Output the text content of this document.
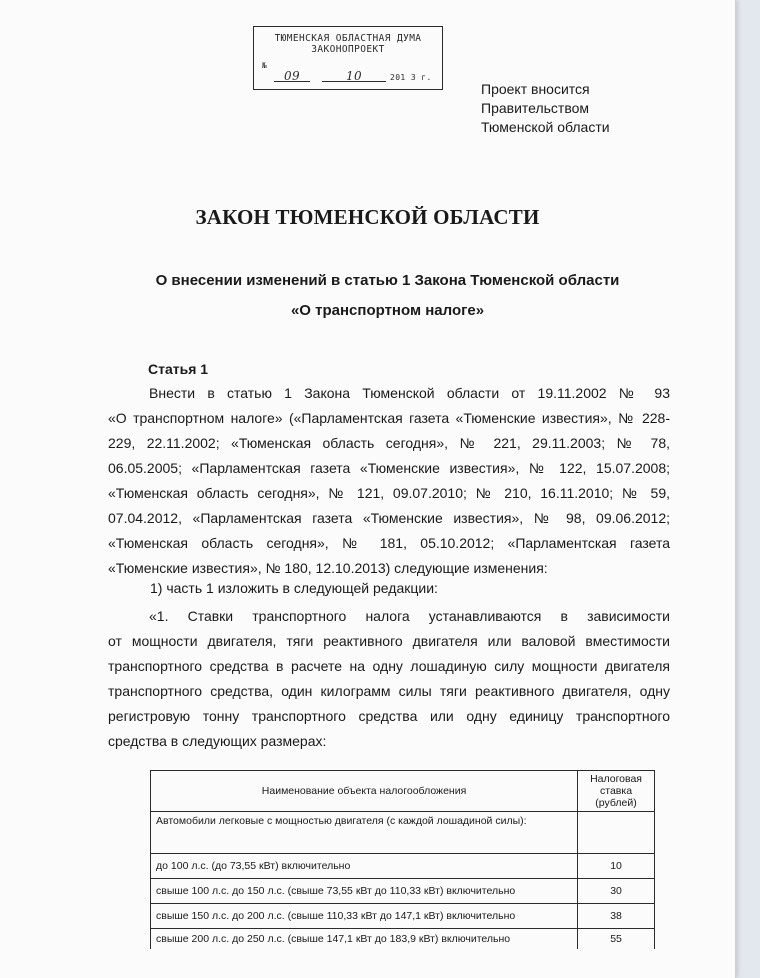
ТЮМЕНСКАЯ ОБЛАСТНАЯ ДУМА
ЗАКОНОПРОЕКТ
№
09	10	201 3 г.
Проект вносится
Правительством
Тюменской области
ЗАКОН ТЮМЕНСКОЙ ОБЛАСТИ
О внесении изменений в статью 1 Закона Тюменской области
«О транспортном налоге»
Статья 1
Внести в статью 1 Закона Тюменской области от 19.11.2002 № 93
«О транспортном налоге» («Парламентская газета «Тюменские известия», № 228-
229, 22.11.2002; «Тюменская область сегодня», № 221, 29.11.2003; № 78,
06.05.2005; «Парламентская газета «Тюменские известия», № 122, 15.07.2008;
«Тюменская область сегодня», № 121, 09.07.2010; № 210, 16.11.2010; № 59,
07.04.2012, «Парламентская газета «Тюменские известия», № 98, 09.06.2012;
«Тюменская область сегодня», № 181, 05.10.2012; «Парламентская газета
«Тюменские известия», № 180, 12.10.2013) следующие изменения:
1) часть 1 изложить в следующей редакции:
«1. Ставки транспортного налога устанавливаются в зависимости
от мощности двигателя, тяги реактивного двигателя или валовой вместимости
транспортного средства в расчете на одну лошадиную силу мощности двигателя
транспортного средства, один килограмм силы тяги реактивного двигателя, одну
регистровую тонну транспортного средства или одну единицу транспортного
средства в следующих размерах:
Наименование объекта налогообложения	Налоговая ставка (рублей)
Автомобили легковые с мощностью двигателя (с каждой лошадиной силы):	
до 100 л.с. (до 73,55 кВт) включительно	10
свыше 100 л.с. до 150 л.с. (свыше 73,55 кВт до 110,33 кВт) включительно	30
свыше 150 л.с. до 200 л.с. (свыше 110,33 кВт до 147,1 кВт) включительно	38
свыше 200 л.с. до 250 л.с. (свыше 147,1 кВт до 183,9 кВт) включительно	55
